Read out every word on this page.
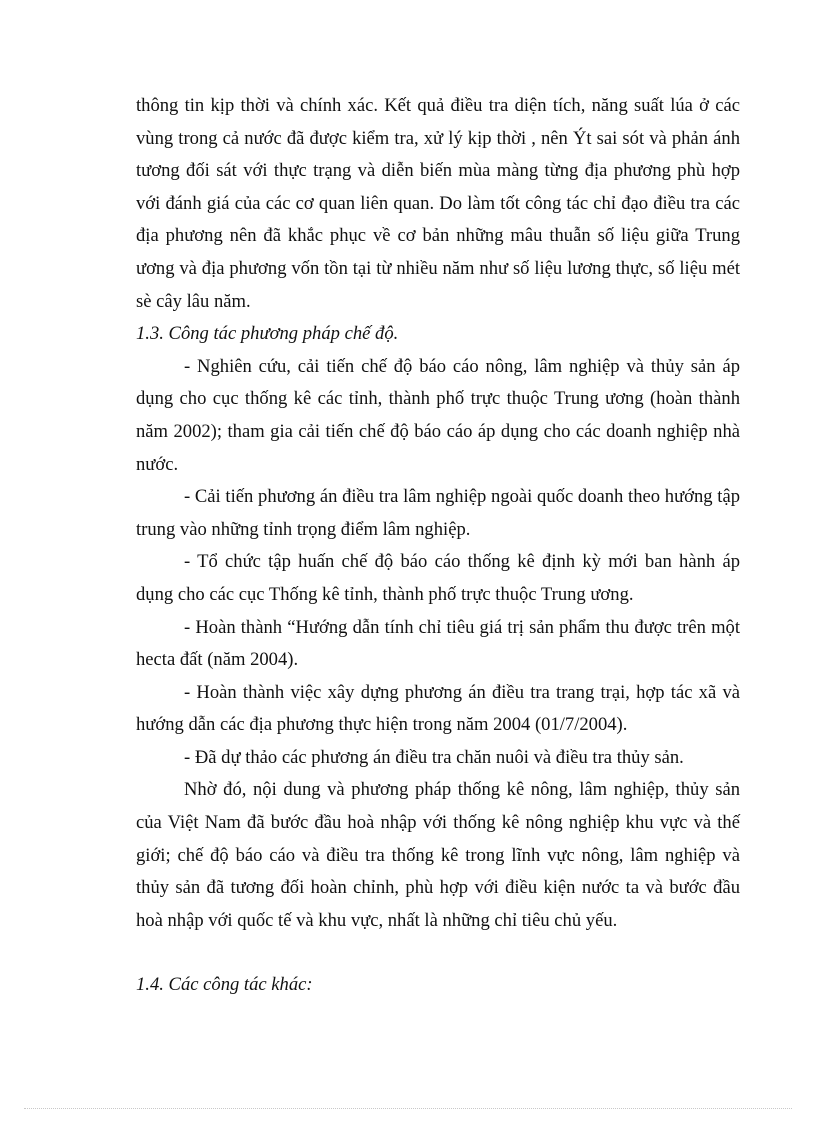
thông tin kịp thời và chính xác. Kết quả điều tra diện tích, năng suất lúa ở các vùng trong cả nước đã được kiểm tra, xử lý kịp thời , nên Ýt sai sót và phản ánh tương đối sát với thực trạng và diễn biến mùa màng từng địa phương phù hợp với đánh giá của các cơ quan liên quan. Do làm tốt công tác chỉ đạo điều tra các địa phương nên đã khắc phục về cơ bản những mâu thuẫn số liệu giữa Trung ương và địa phương vốn tồn tại từ nhiều năm như số liệu lương thực, số liệu mét sè cây lâu năm.

1.3. Công tác phương pháp chế độ.

- Nghiên cứu, cải tiến chế độ báo cáo nông, lâm nghiệp và thủy sản áp dụng cho cục thống kê các tỉnh, thành phố trực thuộc Trung ương (hoàn thành năm 2002); tham gia cải tiến chế độ báo cáo áp dụng cho các doanh nghiệp nhà nước.

- Cải tiến phương án điều tra lâm nghiệp ngoài quốc doanh theo hướng tập trung vào những tỉnh trọng điểm lâm nghiệp.

- Tổ chức tập huấn chế độ báo cáo thống kê định kỳ mới ban hành áp dụng cho các cục Thống kê tỉnh, thành phố trực thuộc Trung ương.

- Hoàn thành “Hướng dẫn tính chỉ tiêu giá trị sản phẩm thu được trên một hecta đất (năm 2004).

- Hoàn thành việc xây dựng phương án điều tra trang trại, hợp tác xã và hướng dẫn các địa phương thực hiện trong năm 2004 (01/7/2004).

- Đã dự thảo các phương án điều tra chăn nuôi và điều tra thủy sản.

Nhờ đó, nội dung và phương pháp thống kê nông, lâm nghiệp, thủy sản của Việt Nam đã bước đầu hoà nhập với thống kê nông nghiệp khu vực và thế giới; chế độ báo cáo và điều tra thống kê trong lĩnh vực nông, lâm nghiệp và thủy sản đã tương đối hoàn chỉnh, phù hợp với điều kiện nước ta và bước đầu hoà nhập với quốc tế và khu vực, nhất là những chỉ tiêu chủ yếu.

1.4. Các công tác khác:
